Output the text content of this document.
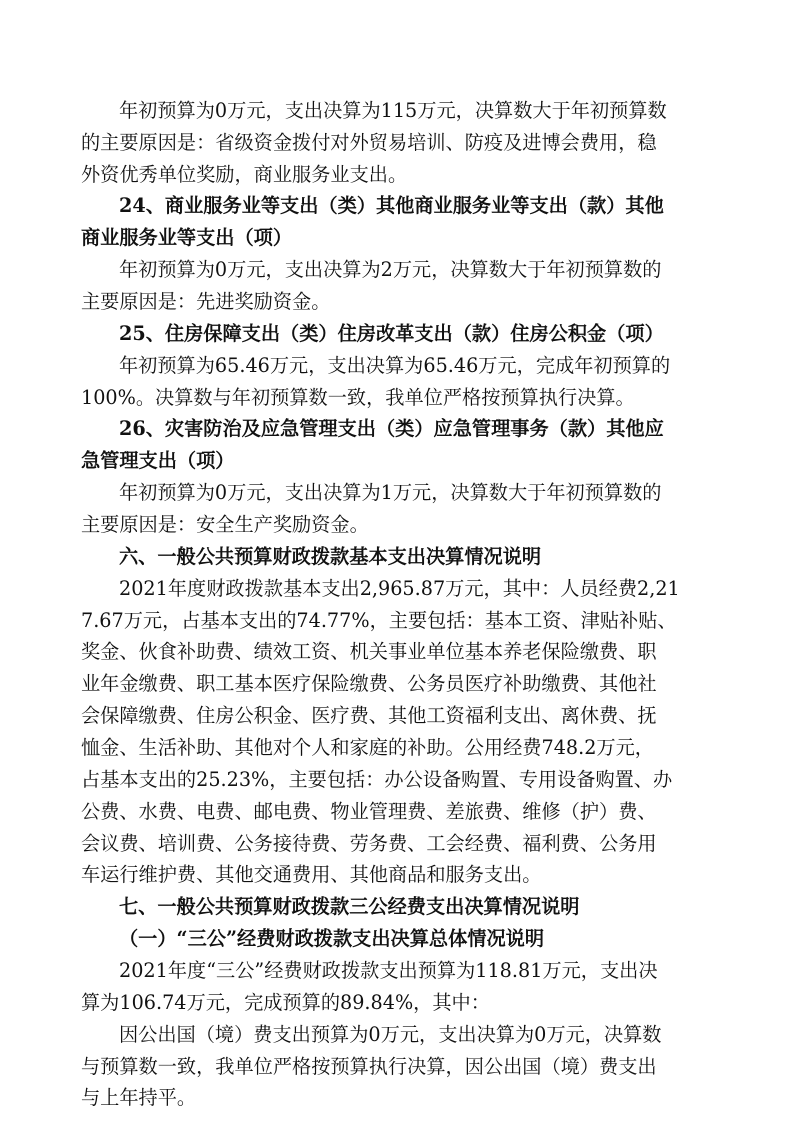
年初预算为0万元，支出决算为115万元，决算数大于年初预算数
的主要原因是：省级资金拨付对外贸易培训、防疫及进博会费用，稳
外资优秀单位奖励，商业服务业支出。
24、商业服务业等支出（类）其他商业服务业等支出（款）其他
商业服务业等支出（项）
年初预算为0万元，支出决算为2万元，决算数大于年初预算数的
主要原因是：先进奖励资金。
25、住房保障支出（类）住房改革支出（款）住房公积金（项）
年初预算为65.46万元，支出决算为65.46万元，完成年初预算的
100%。决算数与年初预算数一致，我单位严格按预算执行决算。
26、灾害防治及应急管理支出（类）应急管理事务（款）其他应
急管理支出（项）
年初预算为0万元，支出决算为1万元，决算数大于年初预算数的
主要原因是：安全生产奖励资金。
六、一般公共预算财政拨款基本支出决算情况说明
2021年度财政拨款基本支出2,965.87万元，其中：人员经费2,21
7.67万元，占基本支出的74.77%，主要包括：基本工资、津贴补贴、
奖金、伙食补助费、绩效工资、机关事业单位基本养老保险缴费、职
业年金缴费、职工基本医疗保险缴费、公务员医疗补助缴费、其他社
会保障缴费、住房公积金、医疗费、其他工资福利支出、离休费、抚
恤金、生活补助、其他对个人和家庭的补助。公用经费748.2万元，
占基本支出的25.23%，主要包括：办公设备购置、专用设备购置、办
公费、水费、电费、邮电费、物业管理费、差旅费、维修（护）费、
会议费、培训费、公务接待费、劳务费、工会经费、福利费、公务用
车运行维护费、其他交通费用、其他商品和服务支出。
七、一般公共预算财政拨款三公经费支出决算情况说明
（一）“三公”经费财政拨款支出决算总体情况说明
2021年度“三公”经费财政拨款支出预算为118.81万元，支出决
算为106.74万元，完成预算的89.84%，其中：
因公出国（境）费支出预算为0万元，支出决算为0万元，决算数
与预算数一致，我单位严格按预算执行决算，因公出国（境）费支出
与上年持平。
